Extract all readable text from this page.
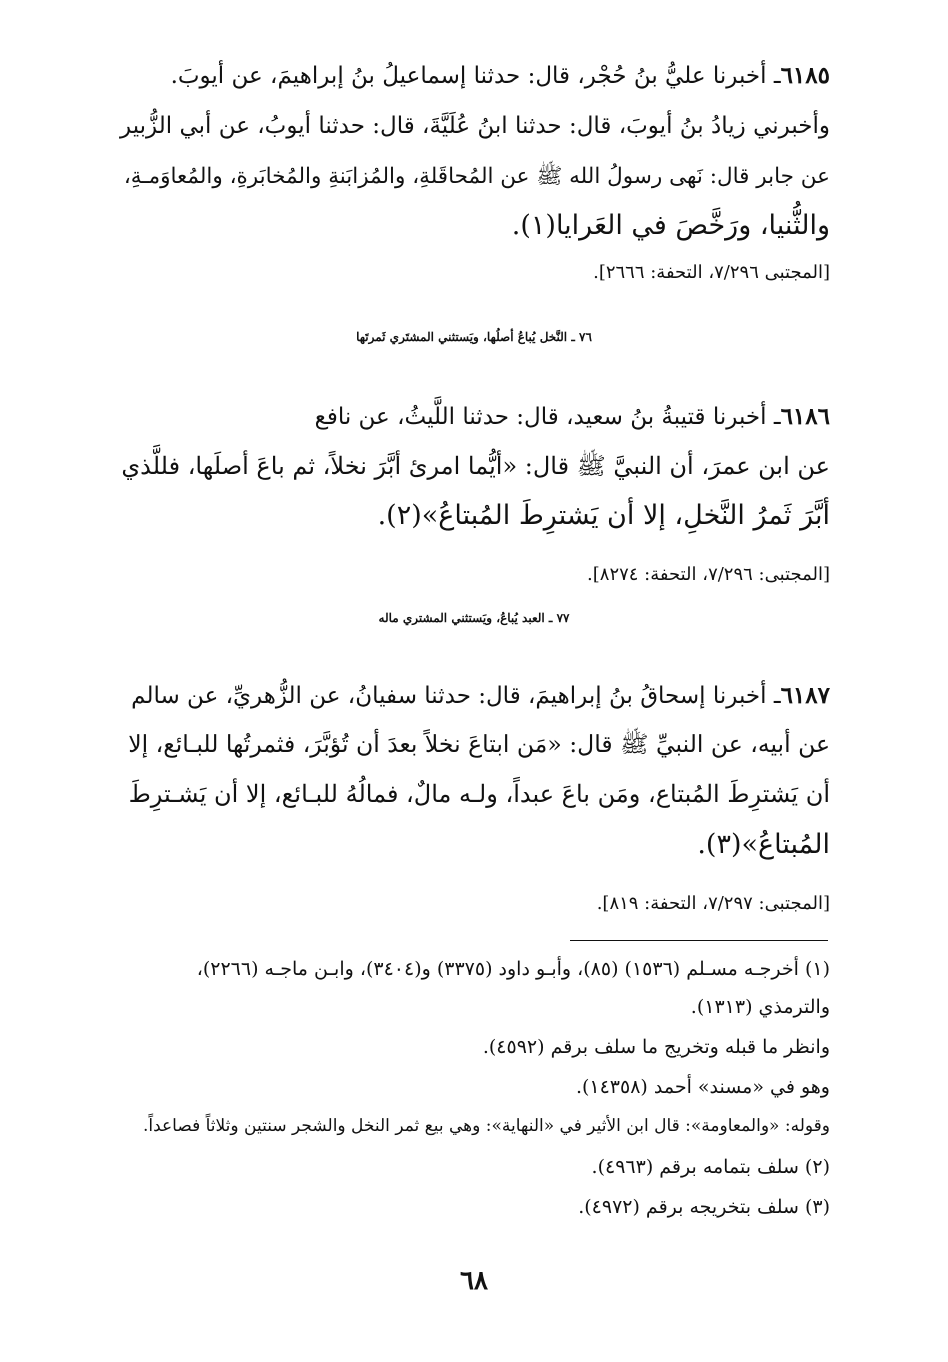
٦١٨٥ـ أخبرنا عليُّ بنُ حُجْر، قال: حدثنا إسماعيلُ بنُ إبراهيمَ، عن أيوبَ.
وأخبرني زيادُ بنُ أيوبَ، قال: حدثنا ابنُ عُلَيَّةَ، قال: حدثنا أيوبُ، عن أبي الزُّبير
عن جابر قال: نَهى رسولُ الله ﷺ عن المُحاقَلةِ، والمُزابَنةِ والمُخابَرةِ، والمُعاوَمـةِ،
والثُّنيا، ورَخَّصَ في العَرايا(١).
[المجتبى ٧/٢٩٦، التحفة: ٢٦٦٦].
٧٦ ـ النَّخل يُباعُ أصلُها، ويَستثني المشتَري ثَمرتَها
٦١٨٦ـ أخبرنا قتيبةُ بنُ سعيد، قال: حدثنا اللَّيثُ، عن نافع
عن ابن عمرَ، أن النبيَّ ﷺ قال: «أيُّما امرئ أبَّرَ نخلاً، ثم باعَ أصلَها، فللَّذي
أبَّرَ ثَمرُ النَّخلِ، إلا أن يَشترِطَ المُبتاعُ»(٢).
[المجتبى: ٧/٢٩٦، التحفة: ٨٢٧٤].
٧٧ ـ العبد يُباعُ، ويَستثني المشتري ماله
٦١٨٧ـ أخبرنا إسحاقُ بنُ إبراهيمَ، قال: حدثنا سفيانُ، عن الزُّهريِّ، عن سالم
عن أبيه، عن النبيِّ ﷺ قال: «مَن ابتاعَ نخلاً بعدَ أن تُؤبَّرَ، فثمرتُها للبـائع، إلا
أن يَشترِطَ المُبتاع، ومَن باعَ عبداً، ولـه مالٌ، فمالُهُ للبـائع، إلا أن يَشـترِطَ
المُبتاعُ»(٣).
[المجتبى: ٧/٢٩٧، التحفة: ٨١٩].
(١) أخرجـه مسـلم (١٥٣٦) (٨٥)، وأبـو داود (٣٣٧٥) و(٣٤٠٤)، وابـن ماجـه (٢٢٦٦)،
والترمذي (١٣١٣).
وانظر ما قبله وتخريج ما سلف برقم (٤٥٩٢).
وهو في «مسند» أحمد (١٤٣٥٨).
وقوله: «والمعاومة»: قال ابن الأثير في «النهاية»: وهي بيع ثمر النخل والشجر سنتين وثلاثاً فصاعداً.
(٢) سلف بتمامه برقم (٤٩٦٣).
(٣) سلف بتخريجه برقم (٤٩٧٢).
٦٨
